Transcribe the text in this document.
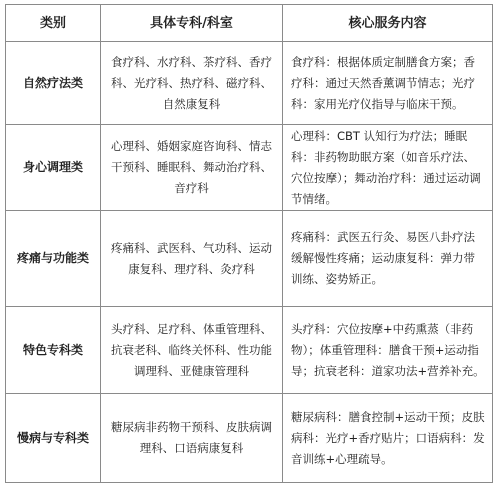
类别	具体专科/科室	核心服务内容
自然疗法类	食疗科、水疗科、茶疗科、香疗科、光疗科、热疗科、磁疗科、自然康复科	食疗科：根据体质定制膳食方案；香疗科：通过天然香薰调节情志；光疗科：家用光疗仪指导与临床干预。
身心调理类	心理科、婚姻家庭咨询科、情志干预科、睡眠科、舞动治疗科、音疗科	心理科：CBT 认知行为疗法；睡眠科：非药物助眠方案（如音乐疗法、穴位按摩）；舞动治疗科：通过运动调节情绪。
疼痛与功能类	疼痛科、武医科、气功科、运动康复科、理疗科、灸疗科	疼痛科：武医五行灸、易医八卦疗法缓解慢性疼痛；运动康复科：弹力带训练、姿势矫正。
特色专科类	头疗科、足疗科、体重管理科、抗衰老科、临终关怀科、性功能调理科、亚健康管理科	头疗科：穴位按摩+中药熏蒸（非药物）；体重管理科：膳食干预+运动指导；抗衰老科：道家功法+营养补充。
慢病与专科类	糖尿病非药物干预科、皮肤病调理科、口语病康复科	糖尿病科：膳食控制+运动干预；皮肤病科：光疗+香疗贴片；口语病科：发音训练+心理疏导。
